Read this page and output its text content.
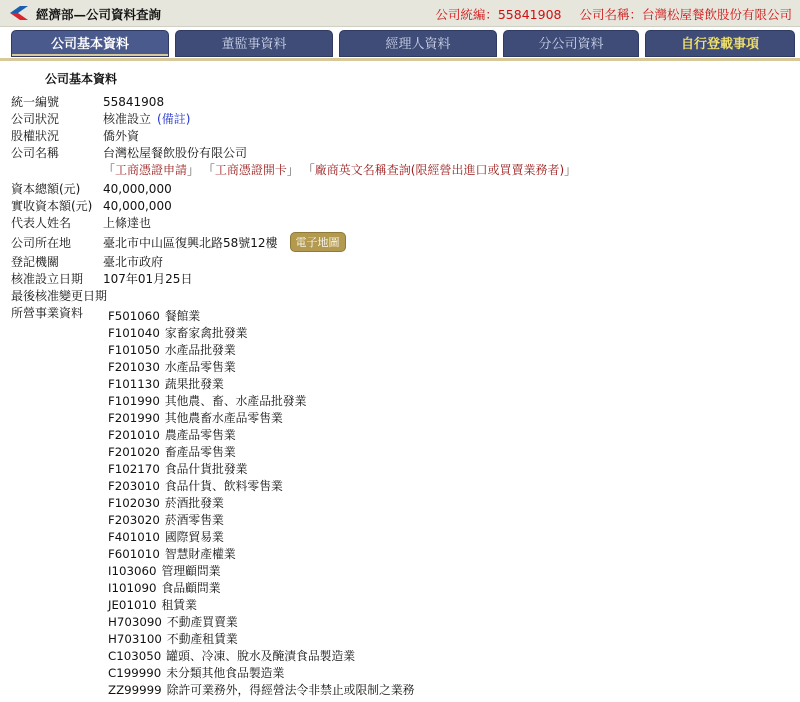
經濟部—公司資料查詢	公司統編：55841908 公司名稱：台灣松屋餐飲股份有限公司
公司基本資料	董監事資料	經理人資料	分公司資料	自行登載事項
公司基本資料
統一編號	55841908
公司狀況	核准設立 (備註)
股權狀況	僑外資
公司名稱	台灣松屋餐飲股份有限公司
「工商憑證申請」 「工商憑證開卡」 「廠商英文名稱查詢(限經營出進口或買賣業務者)」
資本總額(元) 40,000,000
實收資本額(元) 40,000,000
代表人姓名	上條達也
公司所在地	臺北市中山區復興北路58號12樓 電子地圖
登記機關	臺北市政府
核准設立日期 107年01月25日
最後核准變更日期
所營事業資料	F501060 餐館業
F101040 家畜家禽批發業
F101050 水產品批發業
F201030 水產品零售業
F101130 蔬果批發業
F101990 其他農、畜、水產品批發業
F201990 其他農畜水產品零售業
F201010 農產品零售業
F201020 畜產品零售業
F102170 食品什貨批發業
F203010 食品什貨、飲料零售業
F102030 菸酒批發業
F203020 菸酒零售業
F401010 國際貿易業
F601010 智慧財產權業
I103060 管理顧問業
I101090 食品顧問業
JE01010 租賃業
H703090 不動產買賣業
H703100 不動產租賃業
C103050 罐頭、冷凍、脫水及醃漬食品製造業
C199990 未分類其他食品製造業
ZZ99999 除許可業務外，得經營法令非禁止或限制之業務
